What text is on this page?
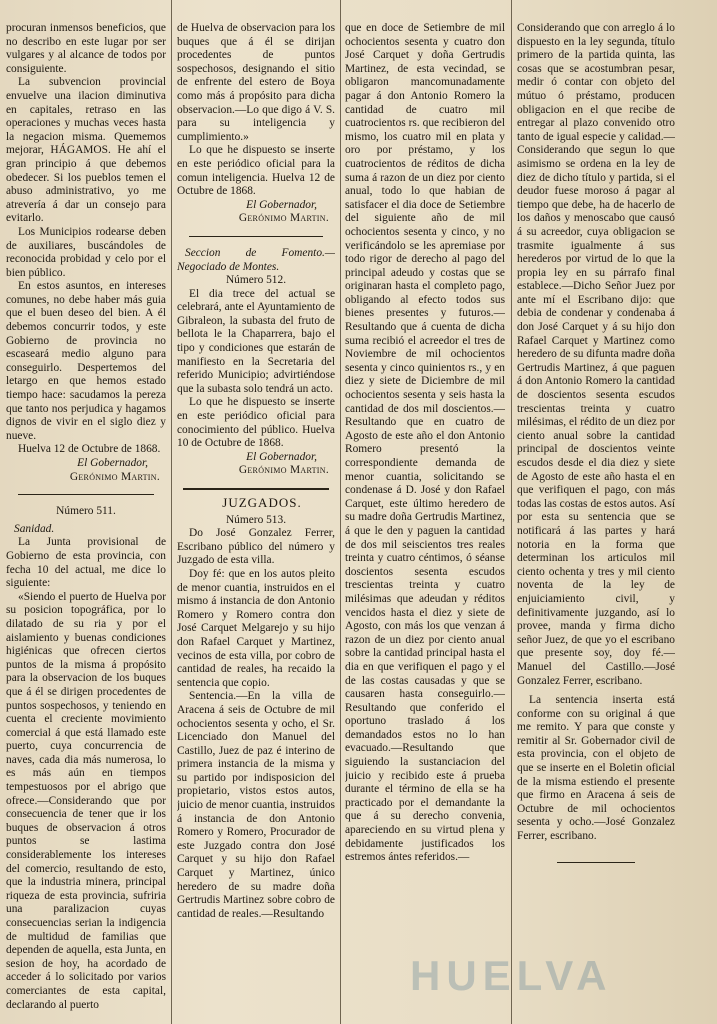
procuran inmensos beneficios, que no describo en este lugar por ser vulgares y al alcance de todos por consiguiente.

La subvencion provincial envuelve una ilacion diminutiva en capitales, retraso en las operaciones y muchas veces hasta la negacion misma. Quememos mejorar, HÁGAMOS. He ahí el gran principio á que debemos obedecer. Si los pueblos temen el abuso administrativo, yo me atrevería á dar un consejo para evitarlo.

Los Municipios rodearse deben de auxiliares, buscándoles de reconocida probidad y celo por el bien público.

En estos asuntos, en intereses comunes, no debe haber más guia que el buen deseo del bien. A él debemos concurrir todos, y este Gobierno de provincia no escaseará medio alguno para conseguirlo. Despertemos del letargo en que hemos estado tiempo hace: sacudamos la pereza que tanto nos perjudica y hagamos dignos de vivir en el siglo diez y nueve.

Huelva 12 de Octubre de 1868.

El Gobernador,

Gerónimo Martin.

Número 511.

Sanidad.

La Junta provisional de Gobierno de esta provincia, con fecha 10 del actual, me dice lo siguiente:

«Siendo el puerto de Huelva por su posicion topográfica, por lo dilatado de su ria y por el aislamiento y buenas condiciones higiénicas que ofrecen ciertos puntos de la misma á propósito para la observacion de los buques que á él se dirigen procedentes de puntos sospechosos, y teniendo en cuenta el creciente movimiento comercial á que está llamado este puerto, cuya concurrencia de naves, cada dia más numerosa, lo es más aún en tiempos tempestuosos por el abrigo que ofrece.—Considerando que por consecuencia de tener que ir los buques de observacion á otros puntos se lastima considerablemente los intereses del comercio, resultando de esto, que la industria minera, principal riqueza de esta provincia, sufriria una paralizacion cuyas consecuencias serian la indigencia de multidud de familias que dependen de aquella, esta Junta, en sesion de hoy, ha acordado de acceder á lo solicitado por varios comerciantes de esta capital, declarando al puerto

de Huelva de observacion para los buques que á él se dirijan procedentes de puntos sospechosos, designando el sitio de enfrente del estero de Boya como más á propósito para dicha observacion.—Lo que digo á V. S. para su inteligencia y cumplimiento.»

Lo que he dispuesto se inserte en este periódico oficial para la comun inteligencia. Huelva 12 de Octubre de 1868.

El Gobernador,

Gerónimo Martin.

Seccion de Fomento.—Negociado de Montes.

Número 512.

El dia trece del actual se celebrará, ante el Ayuntamiento de Gibraleon, la subasta del fruto de bellota le la Chaparrera, bajo el tipo y condiciones que estarán de manifiesto en la Secretaria del referido Municipio; advirtiéndose que la subasta solo tendrá un acto.

Lo que he dispuesto se inserte en este periódico oficial para conocimiento del público. Huelva 10 de Octubre de 1868.

El Gobernador,

Gerónimo Martin.

JUZGADOS.

Número 513.

Do José Gonzalez Ferrer, Escribano público del número y Juzgado de esta villa.

Doy fé: que en los autos pleito de menor cuantia, instruidos en el mismo á instancia de don Antonio Romero y Romero contra don José Carquet Melgarejo y su hijo don Rafael Carquet y Martinez, vecinos de esta villa, por cobro de cantidad de reales, ha recaido la sentencia que copio.

Sentencia.—En la villa de Aracena á seis de Octubre de mil ochocientos sesenta y ocho, el Sr. Licenciado don Manuel del Castillo, Juez de paz é interino de primera instancia de la misma y su partido por indisposicion del propietario, vistos estos autos, juicio de menor cuantia, instruidos á instancia de don Antonio Romero y Romero, Procurador de este Juzgado contra don José Carquet y su hijo don Rafael Carquet y Martinez, único heredero de su madre doña Gertrudis Martinez sobre cobro de cantidad de reales.—Resultando

que en doce de Setiembre de mil ochocientos sesenta y cuatro don José Carquet y doña Gertrudis Martinez, de esta vecindad, se obligaron mancomunadamente pagar á don Antonio Romero la cantidad de cuatro mil cuatrocientos rs. que recibieron del mismo, los cuatro mil en plata y oro por préstamo, y los cuatrocientos de réditos de dicha suma á razon de un diez por ciento anual, todo lo que habian de satisfacer el dia doce de Setiembre del siguiente año de mil ochocientos sesenta y cinco, y no verificándolo se les apremiase por todo rigor de derecho al pago del principal adeudo y costas que se originaran hasta el completo pago, obligando al efecto todos sus bienes presentes y futuros.—Resultando que á cuenta de dicha suma recibió el acreedor el tres de Noviembre de mil ochocientos sesenta y cinco quinientos rs., y en diez y siete de Diciembre de mil ochocientos sesenta y seis hasta la cantidad de dos mil doscientos.—Resultando que en cuatro de Agosto de este año el don Antonio Romero presentó la correspondiente demanda de menor cuantia, solicitando se condenase á D. José y don Rafael Carquet, este último heredero de su madre doña Gertrudis Martinez, á que le den y paguen la cantidad de dos mil seiscientos tres reales treinta y cuatro céntimos, ó séanse doscientos sesenta escudos trescientas treinta y cuatro milésimas que adeudan y réditos vencidos hasta el diez y siete de Agosto, con más los que venzan á razon de un diez por ciento anual sobre la cantidad principal hasta el dia en que verifiquen el pago y el de las costas causadas y que se causaren hasta conseguirlo.—Resultando que conferido el oportuno traslado á los demandados estos no lo han evacuado.—Resultando que siguiendo la sustanciacion del juicio y recibido este á prueba durante el término de ella se ha practicado por el demandante la que á su derecho convenia, apareciendo en su virtud plena y debidamente justificados los estremos ántes referidos.—

Considerando que con arreglo á lo dispuesto en la ley segunda, título primero de la partida quinta, las cosas que se acostumbran pesar, medir ó contar con objeto del mútuo ó préstamo, producen obligacion en el que recibe de entregar al plazo convenido otro tanto de igual especie y calidad.—Considerando que segun lo que asimismo se ordena en la ley de diez de dicho título y partida, si el deudor fuese moroso á pagar al tiempo que debe, ha de hacerlo de los daños y menoscabo que causó á su acreedor, cuya obligacion se trasmite igualmente á sus herederos por virtud de lo que la propia ley en su párrafo final establece.—Dicho Señor Juez por ante mí el Escribano dijo: que debia de condenar y condenaba á don José Carquet y á su hijo don Rafael Carquet y Martinez como heredero de su difunta madre doña Gertrudis Martinez, á que paguen á don Antonio Romero la cantidad de doscientos sesenta escudos trescientas treinta y cuatro milésimas, el rédito de un diez por ciento anual sobre la cantidad principal de doscientos veinte escudos desde el dia diez y siete de Agosto de este año hasta el en que verifiquen el pago, con más todas las costas de estos autos. Así por esta su sentencia que se notificará á las partes y hará notoria en la forma que determinan los articulos mil ciento ochenta y tres y mil ciento noventa de la ley de enjuiciamiento civil, y definitivamente juzgando, así lo provee, manda y firma dicho señor Juez, de que yo el escribano que presente soy, doy fé.—Manuel del Castillo.—José Gonzalez Ferrer, escribano.

La sentencia inserta está conforme con su original á que me remito. Y para que conste y remitir al Sr. Gobernador civil de esta provincia, con el objeto de que se inserte en el Boletin oficial de la misma estiendo el presente que firmo en Aracena á seis de Octubre de mil ochocientos sesenta y ocho.—José Gonzalez Ferrer, escribano.

HUELVA
